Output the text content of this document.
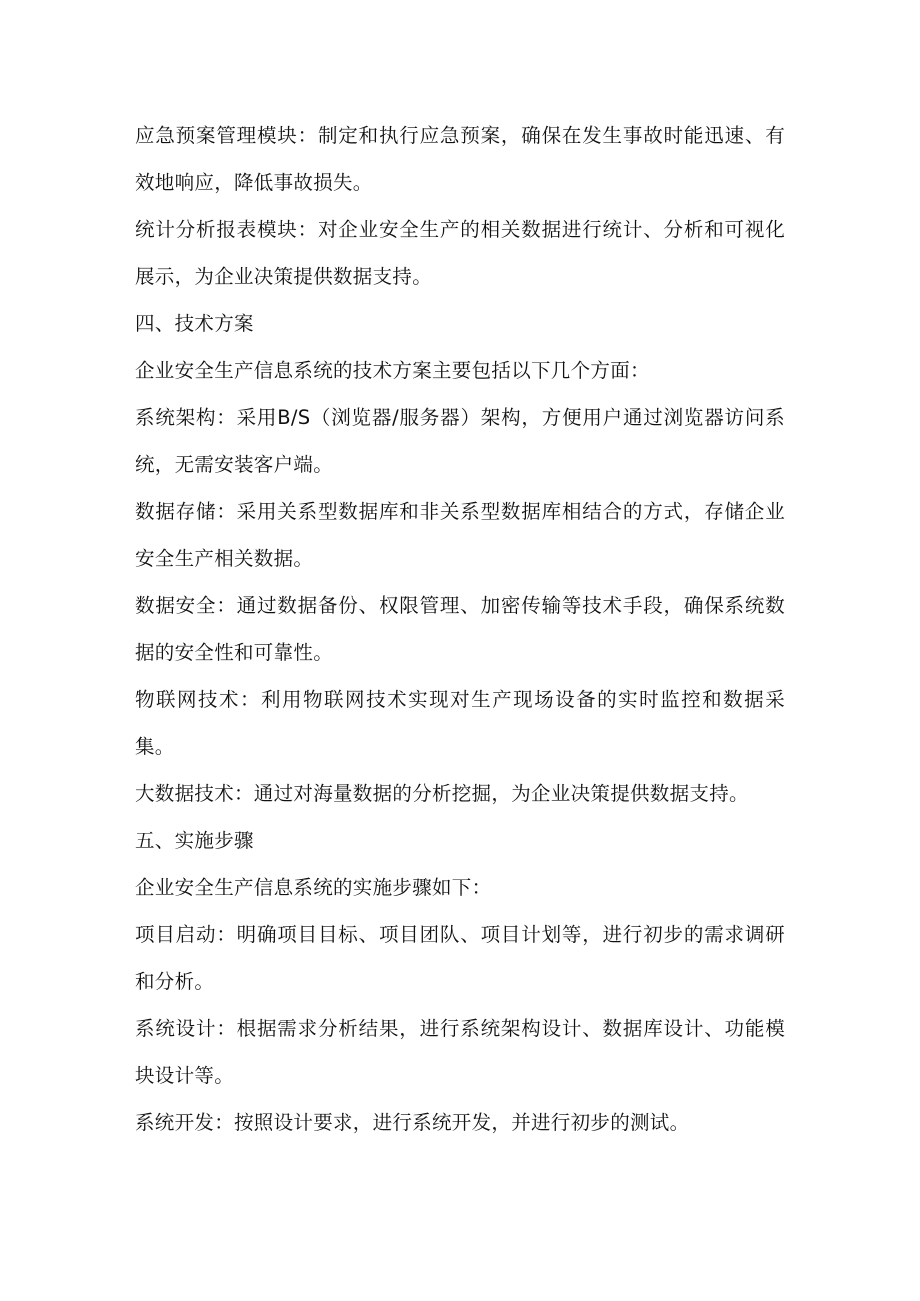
应急预案管理模块：制定和执行应急预案，确保在发生事故时能迅速、有效地响应，降低事故损失。

统计分析报表模块：对企业安全生产的相关数据进行统计、分析和可视化展示，为企业决策提供数据支持。

四、技术方案

企业安全生产信息系统的技术方案主要包括以下几个方面：

系统架构：采用B/S（浏览器/服务器）架构，方便用户通过浏览器访问系统，无需安装客户端。

数据存储：采用关系型数据库和非关系型数据库相结合的方式，存储企业安全生产相关数据。

数据安全：通过数据备份、权限管理、加密传输等技术手段，确保系统数据的安全性和可靠性。

物联网技术：利用物联网技术实现对生产现场设备的实时监控和数据采集。

大数据技术：通过对海量数据的分析挖掘，为企业决策提供数据支持。

五、实施步骤

企业安全生产信息系统的实施步骤如下：

项目启动：明确项目目标、项目团队、项目计划等，进行初步的需求调研和分析。

系统设计：根据需求分析结果，进行系统架构设计、数据库设计、功能模块设计等。

系统开发：按照设计要求，进行系统开发，并进行初步的测试。
